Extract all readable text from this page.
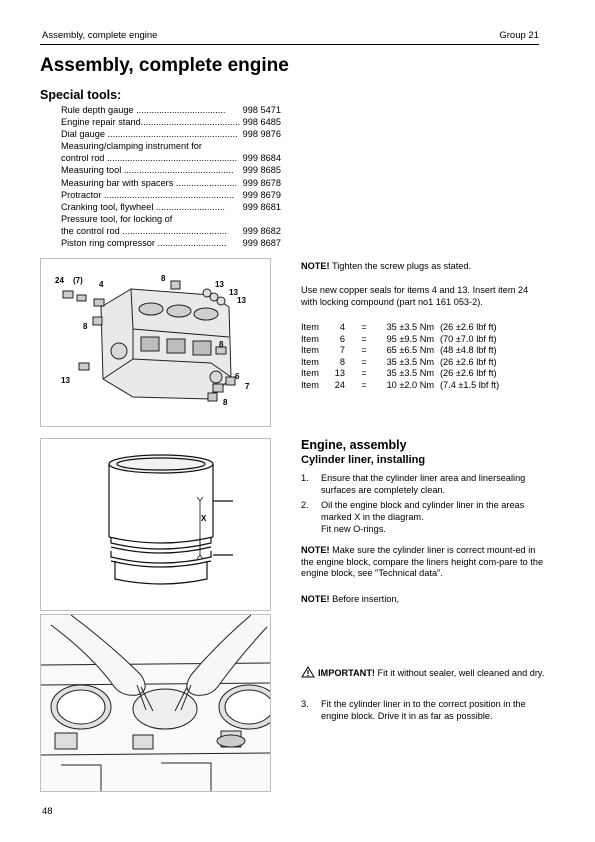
Assembly, complete engine	Group 21
Assembly, complete engine
Special tools:
Rule depth gauge ...................................	998 5471
Engine repair stand....................................... 998 6485
Dial gauge ................................................... 998 9876
Measuring/clamping instrument for
control rod ................................................... 999 8684
Measuring tool ........................................... 999 8685
Measuring bar with spacers ........................ 999 8678
Protractor ................................................... 999 8679
Cranking tool, flywheel ...........................	999 8681
Pressure tool, for locking of
the control rod .........................................	999 8682
Piston ring compressor ...........................	999 8687
24 (7) 4
8
13
13
13
8
6
7
8
13
8
NOTE! Tighten the screw plugs as stated.
Use new copper seals for items 4 and 13. Insert item 24 with locking compound (part no1 161 053-2).
Item	4	=	35 ±3.5 Nm	(26 ±2.6 lbf ft)
Item	6	=	95 ±9.5 Nm	(70 ±7.0 lbf ft)
Item	7	=	65 ±6.5 Nm	(48 ±4.8 lbf ft)
Item	8	=	35 ±3.5 Nm	(26 ±2.6 lbf ft)
Item	13	=	35 ±3.5 Nm	(26 ±2.6 lbf ft)
Item	24	=	10 ±2.0 Nm	(7.4 ±1.5 lbf ft)
X
Engine, assembly
Cylinder liner, installing
1.	Ensure that the cylinder liner area and linersealing surfaces are completely clean.
2.	Oil the engine block and cylinder liner in the areas marked X in the diagram.
Fit new O-rings.
NOTE! Make sure the cylinder liner is correct mount-ed in the engine block, compare the liners height com-pare to the engine block, see "Technical data".
NOTE! Before insertion,
IMPORTANT! Fit it without sealer, well cleaned and dry.
3.	Fit the cylinder liner in to the correct position in the engine block. Drive it in as far as possible.
48
